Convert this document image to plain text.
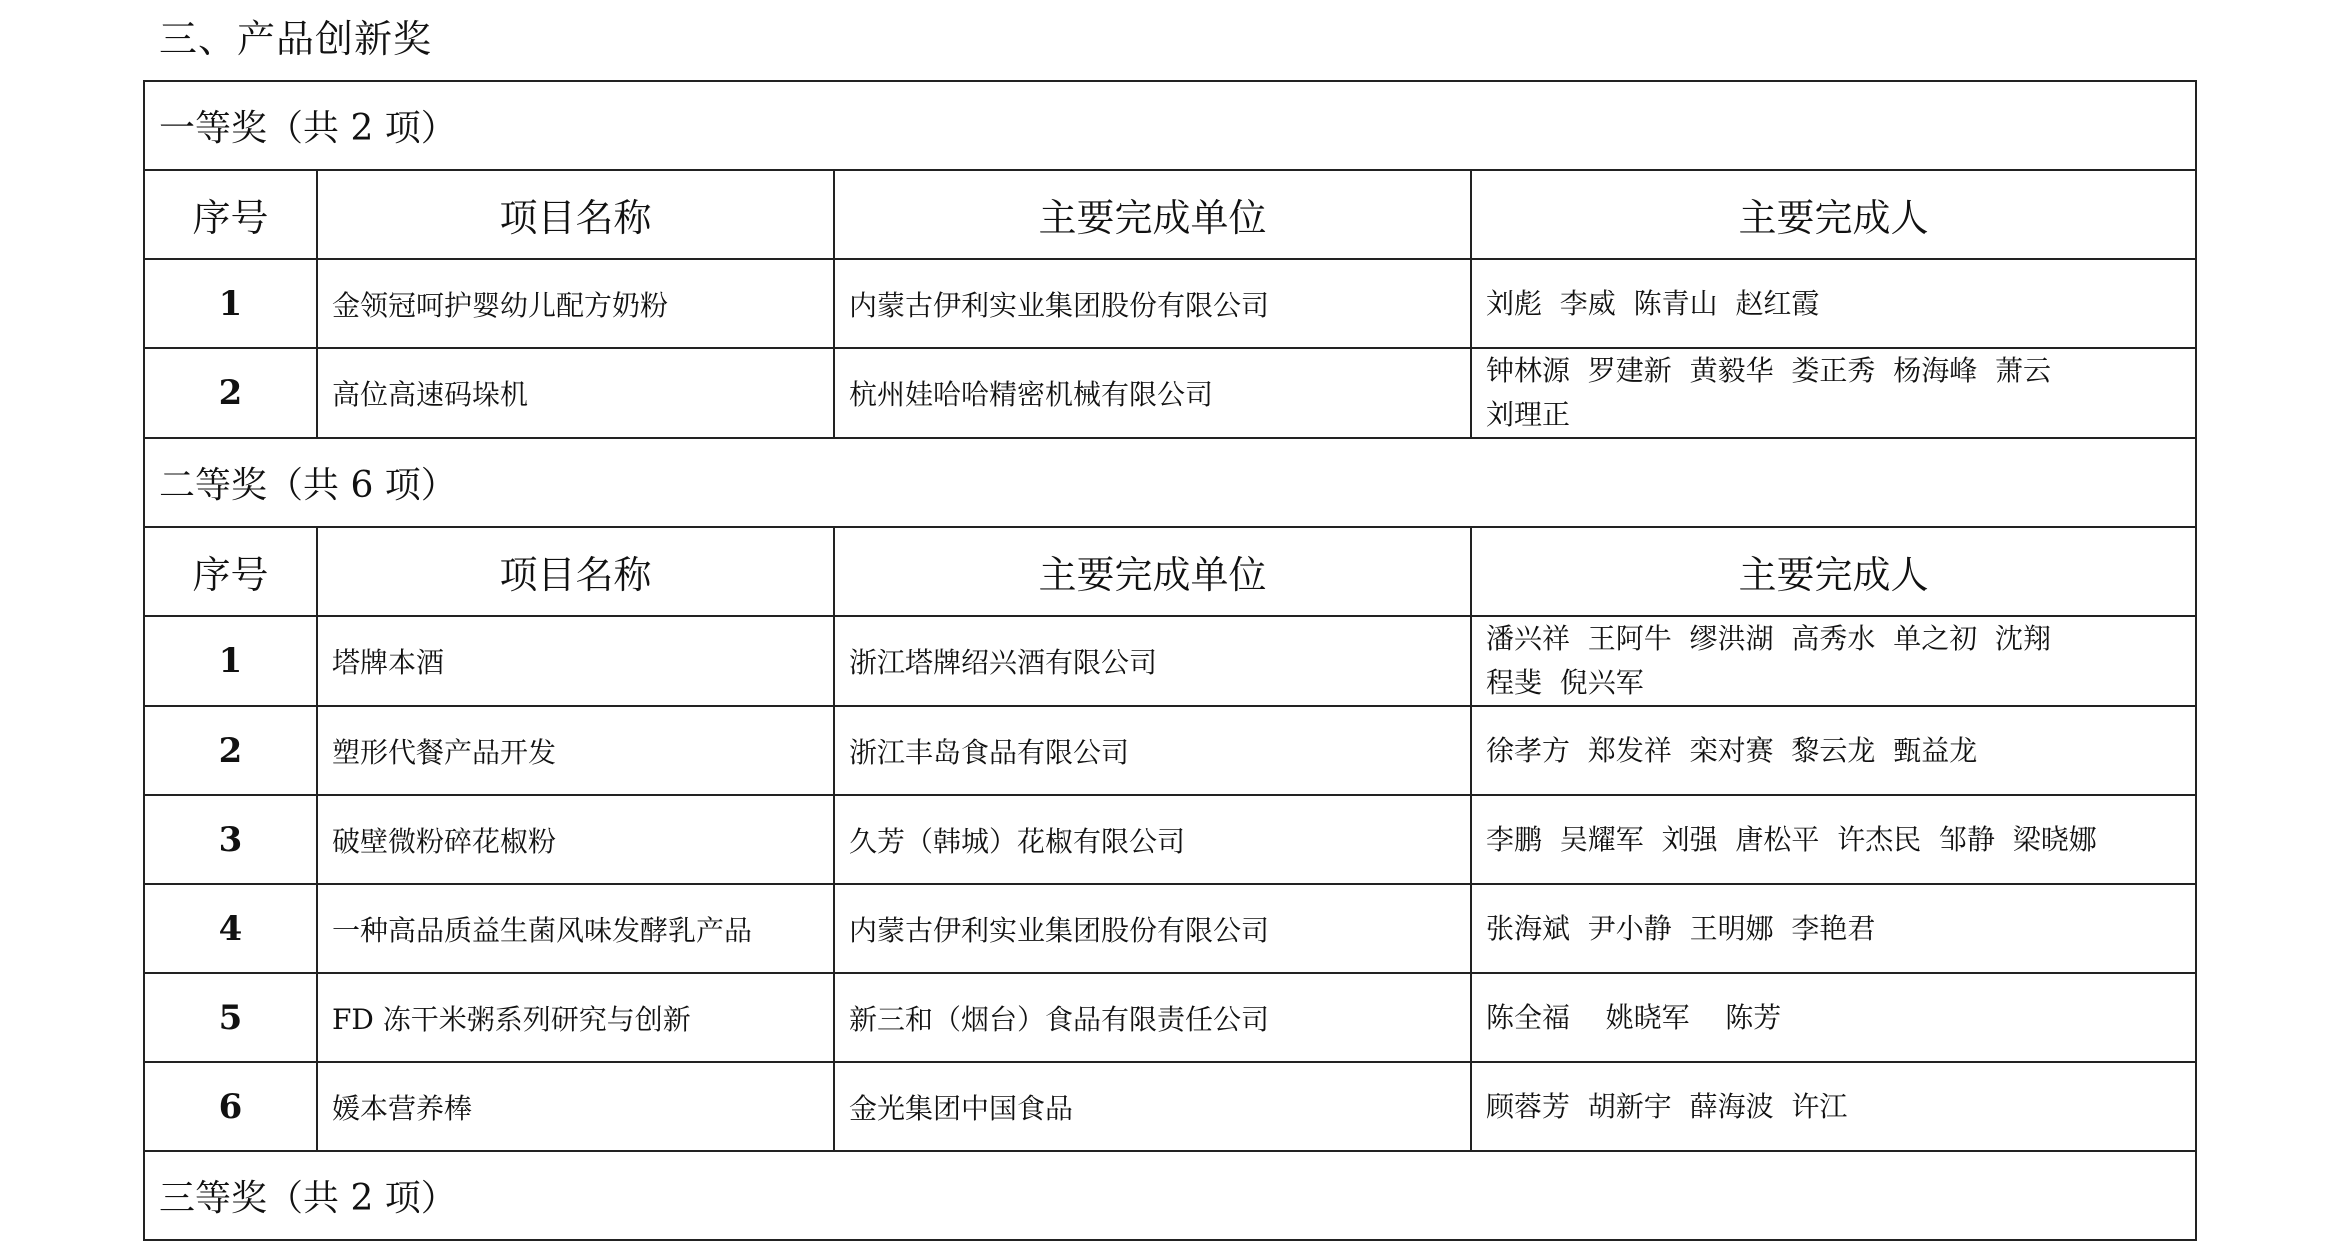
三、产品创新奖
一等奖（共 2 项）			
序号	项目名称	主要完成单位	主要完成人
1	金领冠呵护婴幼儿配方奶粉	内蒙古伊利实业集团股份有限公司	刘彪  李威  陈青山  赵红霞
2	高位高速码垛机	杭州娃哈哈精密机械有限公司	钟林源  罗建新  黄毅华  娄正秀  杨海峰  萧云
刘理正
二等奖（共 6 项）			
序号	项目名称	主要完成单位	主要完成人
1	塔牌本酒	浙江塔牌绍兴酒有限公司	潘兴祥  王阿牛  缪洪湖  高秀水  单之初  沈翔
程斐  倪兴军
2	塑形代餐产品开发	浙江丰岛食品有限公司	徐孝方  郑发祥  栾对赛  黎云龙  甄益龙
3	破壁微粉碎花椒粉	久芳（韩城）花椒有限公司	李鹏  吴耀军  刘强  唐松平  许杰民  邹静  梁晓娜
4	一种高品质益生菌风味发酵乳产品	内蒙古伊利实业集团股份有限公司	张海斌  尹小静  王明娜  李艳君
5	FD 冻干米粥系列研究与创新	新三和（烟台）食品有限责任公司	陈全福    姚晓军    陈芳
6	媛本营养棒	金光集团中国食品	顾蓉芳  胡新宇  薛海波  许江
三等奖（共 2 项）			
